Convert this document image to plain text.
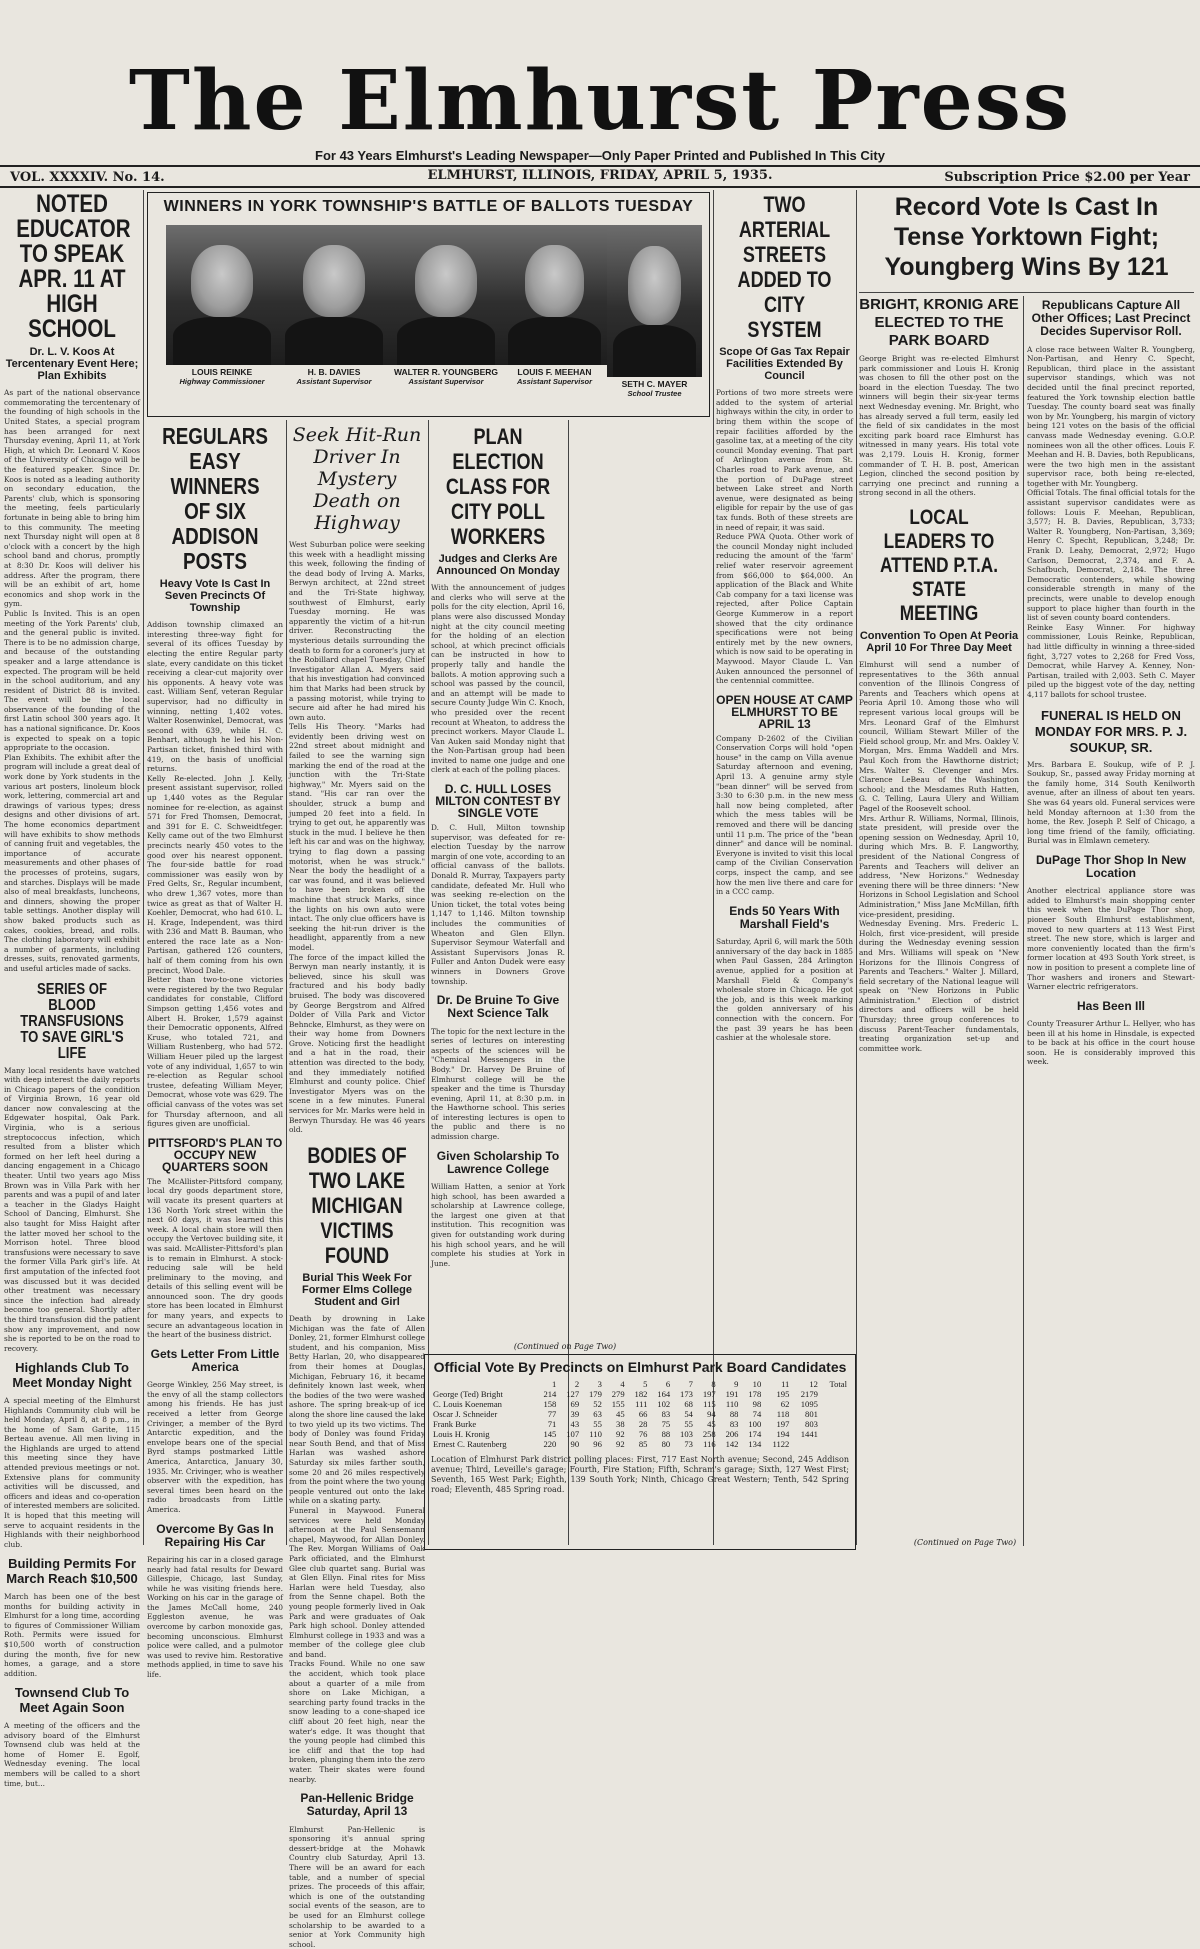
The Elmhurst Press
For 43 Years Elmhurst's Leading Newspaper—Only Paper Printed and Published In This City
VOL. XXXXIV. No. 14.	ELMHURST, ILLINOIS, FRIDAY, APRIL 5, 1935.	Subscription Price $2.00 per Year
NOTED EDUCATOR TO SPEAK APR. 11 AT HIGH SCHOOL
Dr. L. V. Koos At Tercentenary Event Here; Plan Exhibits

As part of the national observance commemorating the tercentenary of the founding of high schools in the United States, a special program has been arranged for next Thursday evening, April 11, at York High, at which Dr. Leonard V. Koos of the University of Chicago will be the featured speaker. Since Dr. Koos is noted as a leading authority on secondary education, the Parents' club, which is sponsoring the meeting, feels particularly fortunate in being able to bring him to this community. The meeting next Thursday night will open at 8 o'clock with a concert by the high school band and chorus, promptly at 8:30 Dr. Koos will deliver his address. After the program, there will be an exhibit of art, home economics and shop work in the gym.

Public Is Invited. This is an open meeting of the York Parents' club, and the general public is invited. There is to be no admission charge, and because of the outstanding speaker and a large attendance is expected. The program will be held in the school auditorium, and any resident of District 88 is invited. The event will be the local observance of the founding of the first Latin school 300 years ago. It has a national significance. Dr. Koos is expected to speak on a topic appropriate to the occasion.

Plan Exhibits. The exhibit after the program will include a great deal of work done by York students in the various art posters, linoleum block work, lettering, commercial art and drawings of various types; dress designs and other divisions of art. The home economics department will have exhibits to show methods of canning fruit and vegetables, the importance of accurate measurements and other phases of the processes of proteins, sugars, and starches. Displays will be made also of meal breakfasts, luncheons, and dinners, showing the proper table settings. Another display will show baked products such as cakes, cookies, bread, and rolls. The clothing laboratory will exhibit a number of garments, including dresses, suits, renovated garments, and useful articles made of sacks.

SERIES OF BLOOD TRANSFUSIONS TO SAVE GIRL'S LIFE

Many local residents have watched with deep interest the daily reports in Chicago papers of the condition of Virginia Brown, 16 year old dancer now convalescing at the Edgewater hospital, Oak Park. Virginia, who is a serious streptococcus infection, which resulted from a blister which formed on her left heel during a dancing engagement in a Chicago theater. Until two years ago Miss Brown was in Villa Park with her parents and was a pupil of and later a teacher in the Gladys Haight School of Dancing, Elmhurst. She also taught for Miss Haight after the latter moved her school to the Morrison hotel. Three blood transfusions were necessary to save the former Villa Park girl's life. At first amputation of the infected foot was discussed but it was decided other treatment was necessary since the infection had already become too general. Shortly after the third transfusion did the patient show any improvement, and now she is reported to be on the road to recovery.

Highlands Club To Meet Monday Night

A special meeting of the Elmhurst Highlands Community club will be held Monday, April 8, at 8 p.m., in the home of Sam Garite, 115 Berteau avenue. All men living in the Highlands are urged to attend this meeting since they have attended previous meetings or not. Extensive plans for community activities will be discussed, and officers and ideas and co-operation of interested members are solicited. It is hoped that this meeting will serve to acquaint residents in the Highlands with their neighborhood club.

Building Permits For March Reach $10,500

March has been one of the best months for building activity in Elmhurst for a long time, according to figures of Commissioner William Roth. Permits were issued for $10,500 worth of construction during the month, five for new homes, a garage, and a store addition.

Townsend Club To Meet Again Soon

A meeting of the officers and the advisory board of the Elmhurst Townsend club was held at the home of Homer E. Egolf, Wednesday evening. The local members will be called to a short time, but...

WINNERS IN YORK TOWNSHIP'S BATTLE OF BALLOTS TUESDAY
LOUIS REINKE
Highway Commissioner
H. B. DAVIES
Assistant Supervisor
WALTER R. YOUNGBERG
Assistant Supervisor
LOUIS F. MEEHAN
Assistant Supervisor	SETH C. MAYER
School Trustee
REGULARS EASY WINNERS OF SIX ADDISON POSTS
Heavy Vote Is Cast In Seven Precincts Of Township

Addison township climaxed an interesting three-way fight for several of its offices Tuesday by electing the entire Regular party slate, every candidate on this ticket receiving a clear-cut majority over his opponents. A heavy vote was cast. William Senf, veteran Regular supervisor, had no difficulty in winning, netting 1,402 votes. Walter Rosenwinkel, Democrat, was second with 639, while H. C. Benhart, although he led his Non-Partisan ticket, finished third with 419, on the basis of unofficial returns.

Kelly Re-elected. John J. Kelly, present assistant supervisor, rolled up 1,440 votes as the Regular nominee for re-election, as against 571 for Fred Thomsen, Democrat, and 391 for E. C. Schweidtfeger. Kelly came out of the two Elmhurst precincts nearly 450 votes to the good over his nearest opponent. The four-side battle for road commissioner was easily won by Fred Gelts, Sr., Regular incumbent, who drew 1,367 votes, more than twice as great as that of Walter H. Koehler, Democrat, who had 610. L. H. Krage, Independent, was third with 236 and Matt B. Bauman, who entered the race late as a Non-Partisan, gathered 126 counters, half of them coming from his own precinct, Wood Dale.

Better than two-to-one victories were registered by the two Regular candidates for constable, Clifford Simpson getting 1,456 votes and Albert H. Broker, 1,579 against their Democratic opponents, Alfred Kruse, who totaled 721, and William Rustenberg, who had 572. William Heuer piled up the largest vote of any individual, 1,657 to win re-election as Regular school trustee, defeating William Meyer, Democrat, whose vote was 629. The official canvass of the votes was set for Thursday afternoon, and all figures given are unofficial.

PITTSFORD'S PLAN TO OCCUPY NEW QUARTERS SOON

The McAllister-Pittsford company, local dry goods department store, will vacate its present quarters at 136 North York street within the next 60 days, it was learned this week. A local chain store will then occupy the Vertovec building site, it was said. McAllister-Pittsford's plan is to remain in Elmhurst. A stock-reducing sale will be held preliminary to the moving, and details of this selling event will be announced soon. The dry goods store has been located in Elmhurst for many years, and expects to secure an advantageous location in the heart of the business district.

Gets Letter From Little America

George Winkley, 256 May street, is the envy of all the stamp collectors among his friends. He has just received a letter from George Crivinger, a member of the Byrd Antarctic expedition, and the envelope bears one of the special Byrd stamps postmarked Little America, Antarctica, January 30, 1935. Mr. Crivinger, who is weather observer with the expedition, has several times been heard on the radio broadcasts from Little America.

Overcome By Gas In Repairing His Car

Repairing his car in a closed garage nearly had fatal results for Deward Gillespie, Chicago, last Sunday, while he was visiting friends here. Working on his car in the garage of the James McCall home, 240 Eggleston avenue, he was overcome by carbon monoxide gas, becoming unconscious. Elmhurst police were called, and a pulmotor was used to revive him. Restorative methods applied, in time to save his life.

Seek Hit-Run Driver In Mystery Death on Highway

West Suburban police were seeking this week with a headlight missing this week, following the finding of the dead body of Irving A. Marks, Berwyn architect, at 22nd street and the Tri-State highway, southwest of Elmhurst, early Tuesday morning. He was apparently the victim of a hit-run driver. Reconstructing the mysterious details surrounding the death to form for a coroner's jury at the Robillard chapel Tuesday, Chief Investigator Allan A. Myers said that his investigation had convinced him that Marks had been struck by a passing motorist, while trying to secure aid after he had mired his own auto.

Tells His Theory. "Marks had evidently been driving west on 22nd street about midnight and failed to see the warning sign marking the end of the road at the junction with the Tri-State highway," Mr. Myers said on the stand. "His car ran over the shoulder, struck a bump and jumped 20 feet into a field. In trying to get out, he apparently was stuck in the mud. I believe he then left his car and was on the highway, trying to flag down a passing motorist, when he was struck." Near the body the headlight of a car was found, and it was believed to have been broken off the machine that struck Marks, since the lights on his own auto were intact. The only clue officers have is seeking the hit-run driver is the headlight, apparently from a new model.

The force of the impact killed the Berwyn man nearly instantly, it is believed, since his skull was fractured and his body badly bruised. The body was discovered by George Bergstrom and Alfred Dolder of Villa Park and Victor Behncke, Elmhurst, as they were on their way home from Downers Grove. Noticing first the headlight and a hat in the road, their attention was directed to the body, and they immediately notified Elmhurst and county police. Chief Investigator Myers was on the scene in a few minutes. Funeral services for Mr. Marks were held in Berwyn Thursday. He was 46 years old.

BODIES OF TWO LAKE MICHIGAN VICTIMS FOUND
Burial This Week For Former Elms College Student and Girl

Death by drowning in Lake Michigan was the fate of Allen Donley, 21, former Elmhurst college student, and his companion, Miss Betty Harlan, 20, who disappeared from their homes at Douglas, Michigan, February 16, it became definitely known last week, when the bodies of the two were washed ashore. The spring break-up of ice along the shore line caused the lake to two yield up its two victims. The body of Donley was found Friday near South Bend, and that of Miss Harlan was washed ashore Saturday six miles farther south, some 20 and 26 miles respectively from the point where the two young people ventured out onto the lake while on a skating party.

Funeral in Maywood. Funeral services were held Monday afternoon at the Paul Sensemann chapel, Maywood, for Allan Donley. The Rev. Morgan Williams of Oak Park officiated, and the Elmhurst Glee club quartet sang. Burial was at Glen Ellyn. Final rites for Miss Harlan were held Tuesday, also from the Senne chapel. Both the young people formerly lived in Oak Park and were graduates of Oak Park high school. Donley attended Elmhurst college in 1933 and was a member of the college glee club and band.

Tracks Found. While no one saw the accident, which took place about a quarter of a mile from shore on Lake Michigan, a searching party found tracks in the snow leading to a cone-shaped ice cliff about 20 feet high, near the water's edge. It was thought that the young people had climbed this ice cliff and that the top had broken, plunging them into the zero water. Their skates were found nearby.

Pan-Hellenic Bridge Saturday, April 13

Elmhurst Pan-Hellenic is sponsoring it's annual spring dessert-bridge at the Mohawk Country club Saturday, April 13. There will be an award for each table, and a number of special prizes. The proceeds of this affair, which is one of the outstanding social events of the season, are to be used for an Elmhurst college scholarship to be awarded to a senior at York Community high school.

PLAN ELECTION CLASS FOR CITY POLL WORKERS
Judges and Clerks Are Announced On Monday

With the announcement of judges and clerks who will serve at the polls for the city election, April 16, plans were also discussed Monday night at the city council meeting for the holding of an election school, at which precinct officials can be instructed in how to properly tally and handle the ballots. A motion approving such a school was passed by the council, and an attempt will be made to secure County Judge Win C. Knoch, who presided over the recent recount at Wheaton, to address the precinct workers. Mayor Claude L. Van Auken said Monday night that the Non-Partisan group had been invited to name one judge and one clerk at each of the polling places.

D. C. HULL LOSES MILTON CONTEST BY SINGLE VOTE

D. C. Hull, Milton township supervisor, was defeated for re-election Tuesday by the narrow margin of one vote, according to an official canvass of the ballots. Donald R. Murray, Taxpayers party candidate, defeated Mr. Hull who was seeking re-election on the Union ticket, the total votes being 1,147 to 1,146. Milton township includes the communities of Wheaton and Glen Ellyn. Supervisor Seymour Waterfall and Assistant Supervisors Jonas R. Fuller and Anton Dudek were easy winners in Downers Grove township.

Dr. De Bruine To Give Next Science Talk

The topic for the next lecture in the series of lectures on interesting aspects of the sciences will be "Chemical Messengers in the Body." Dr. Harvey De Bruine of Elmhurst college will be the speaker and the time is Thursday evening, April 11, at 8:30 p.m. in the Hawthorne school. This series of interesting lectures is open to the public and there is no admission charge.

Given Scholarship To Lawrence College

William Hatten, a senior at York high school, has been awarded a scholarship at Lawrence college, the largest one given at that institution. This recognition was given for outstanding work during his high school years, and he will complete his studies at York in June.

TWO ARTERIAL STREETS ADDED TO CITY SYSTEM
Scope Of Gas Tax Repair Facilities Extended By Council

Portions of two more streets were added to the system of arterial highways within the city, in order to bring them within the scope of repair facilities afforded by the gasoline tax, at a meeting of the city council Monday evening. That part of Arlington avenue from St. Charles road to Park avenue, and the portion of DuPage street between Lake street and North avenue, were designated as being eligible for repair by the use of gas tax funds. Both of these streets are in need of repair, it was said.

Reduce PWA Quota. Other work of the council Monday night included reducing the amount of the 'farm' relief water reservoir agreement from $66,000 to $64,000. An application of the Black and White Cab company for a taxi license was rejected, after Police Captain George Kummerow in a report showed that the city ordinance specifications were not being entirely met by the new owners, which is now said to be operating in Maywood. Mayor Claude L. Van Auken announced the personnel of the centennial committee.

OPEN HOUSE AT CAMP ELMHURST TO BE APRIL 13

Company D-2602 of the Civilian Conservation Corps will hold "open house" in the camp on Villa avenue Saturday afternoon and evening, April 13. A genuine army style "bean dinner" will be served from 3:30 to 6:30 p.m. in the new mess hall now being completed, after which the mess tables will be removed and there will be dancing until 11 p.m. The price of the "bean dinner" and dance will be nominal. Everyone is invited to visit this local camp of the Civilian Conservation corps, inspect the camp, and see how the men live there and care for in a CCC camp.

Ends 50 Years With Marshall Field's

Saturday, April 6, will mark the 50th anniversary of the day back in 1885 when Paul Gassen, 284 Arlington avenue, applied for a position at Marshall Field & Company's wholesale store in Chicago. He got the job, and is this week marking the golden anniversary of his connection with the concern. For the past 39 years he has been cashier at the wholesale store.

Record Vote Is Cast In Tense Yorktown Fight; Youngberg Wins By 121
BRIGHT, KRONIG ARE ELECTED TO THE PARK BOARD

George Bright was re-elected Elmhurst park commissioner and Louis H. Kronig was chosen to fill the other post on the board in the election Tuesday. The two winners will begin their six-year terms next Wednesday evening. Mr. Bright, who has already served a full term, easily led the field of six candidates in the most exciting park board race Elmhurst has witnessed in many years. His total vote was 2,179. Louis H. Kronig, former commander of T. H. B. post, American Legion, clinched the second position by carrying one precinct and running a strong second in all the others.

LOCAL LEADERS TO ATTEND P.T.A. STATE MEETING
Convention To Open At Peoria April 10 For Three Day Meet

Elmhurst will send a number of representatives to the 36th annual convention of the Illinois Congress of Parents and Teachers which opens at Peoria April 10. Among those who will represent various local groups will be Mrs. Leonard Graf of the Elmhurst council, William Stewart Miller of the Field school group, Mr. and Mrs. Oakley V. Morgan, Mrs. Emma Waddell and Mrs. Paul Koch from the Hawthorne district; Mrs. Walter S. Clevenger and Mrs. Clarence LeBeau of the Washington school; and the Mesdames Ruth Hatten, G. C. Telling, Laura Ulery and William Pagel of the Roosevelt school.

Mrs. Arthur R. Williams, Normal, Illinois, state president, will preside over the opening session on Wednesday, April 10, during which Mrs. B. F. Langworthy, president of the National Congress of Parents and Teachers will deliver an address, "New Horizons." Wednesday evening there will be three dinners: "New Horizons in School Legislation and School Administration," Miss Jane McMillan, fifth vice-president, presiding.

Wednesday Evening. Mrs. Frederic L. Holch, first vice-president, will preside during the Wednesday evening session and Mrs. Williams will speak on "New Horizons for the Illinois Congress of Parents and Teachers." Walter J. Millard, field secretary of the National league will speak on "New Horizons in Public Administration." Election of district directors and officers will be held Thursday; three group conferences to discuss Parent-Teacher fundamentals, treating organization set-up and committee work.

Republicans Capture All Other Offices; Last Precinct Decides Supervisor Roll.

A close race between Walter R. Youngberg, Non-Partisan, and Henry C. Specht, Republican, third place in the assistant supervisor standings, which was not decided until the final precinct reported, featured the York township election battle Tuesday. The county board seat was finally won by Mr. Youngberg, his margin of victory being 121 votes on the basis of the official canvass made Wednesday evening. G.O.P. nominees won all the other offices. Louis F. Meehan and H. B. Davies, both Republicans, were the two high men in the assistant supervisor race, both being re-elected, together with Mr. Youngberg.

Official Totals. The final official totals for the assistant supervisor candidates were as follows: Louis F. Meehan, Republican, 3,577; H. B. Davies, Republican, 3,733; Walter R. Youngberg, Non-Partisan, 3,369; Henry C. Specht, Republican, 3,248; Dr. Frank D. Leahy, Democrat, 2,972; Hugo Carlson, Democrat, 2,374, and F. A. Schafbuch, Democrat, 2,184. The three Democratic contenders, while showing considerable strength in many of the precincts, were unable to develop enough support to place higher than fourth in the list of seven county board contenders.

Reinke Easy Winner. For highway commissioner, Louis Reinke, Republican, had little difficulty in winning a three-sided fight, 3,727 votes to 2,268 for Fred Voss, Democrat, while Harvey A. Kenney, Non-Partisan, trailed with 2,003. Seth C. Mayer piled up the biggest vote of the day, netting 4,117 ballots for school trustee.

FUNERAL IS HELD ON MONDAY FOR MRS. P. J. SOUKUP, SR.

Mrs. Barbara E. Soukup, wife of P. J. Soukup, Sr., passed away Friday morning at the family home, 314 South Kenilworth avenue, after an illness of about ten years. She was 64 years old. Funeral services were held Monday afternoon at 1:30 from the home, the Rev. Joseph P. Self of Chicago, a long time friend of the family, officiating. Burial was in Elmlawn cemetery.

DuPage Thor Shop In New Location

Another electrical appliance store was added to Elmhurst's main shopping center this week when the DuPage Thor shop, pioneer South Elmhurst establishment, moved to new quarters at 113 West First street. The new store, which is larger and more conveniently located than the firm's former location at 493 South York street, is now in position to present a complete line of Thor washers and ironers and Stewart-Warner electric refrigerators.

Has Been Ill

County Treasurer Arthur L. Hellyer, who has been ill at his home in Hinsdale, is expected to be back at his office in the court house soon. He is considerably improved this week.

(Continued on Page Two)
(Continued on Page Two)
Official Vote By Precincts on Elmhurst Park Board Candidates
	1	2	3	4	5	6	7	8	9	10	11	12	Total
George (Ted) Bright	214	127	179	279	182	164	173	197	191	178	195	2179	
C. Louis Koeneman	158	69	52	155	111	102	68	115	110	98	62	1095	
Oscar J. Schneider	77	39	63	45	66	83	54	94	88	74	118	801	
Frank Burke	71	43	55	38	28	75	55	45	83	100	197	803	
Louis H. Kronig	145	107	110	92	76	88	103	258	206	174	194	1441	
Ernest C. Rautenberg	220	90	96	92	85	80	73	116	142	134	1122		

Location of Elmhurst Park district polling places: First, 717 East North avenue; Second, 245 Addison avenue; Third, Leveille's garage; Fourth, Fire Station; Fifth, Schram's garage; Sixth, 127 West First; Seventh, 165 West Park; Eighth, 139 South York; Ninth, Chicago Great Western; Tenth, 542 Spring road; Eleventh, 485 Spring road.
